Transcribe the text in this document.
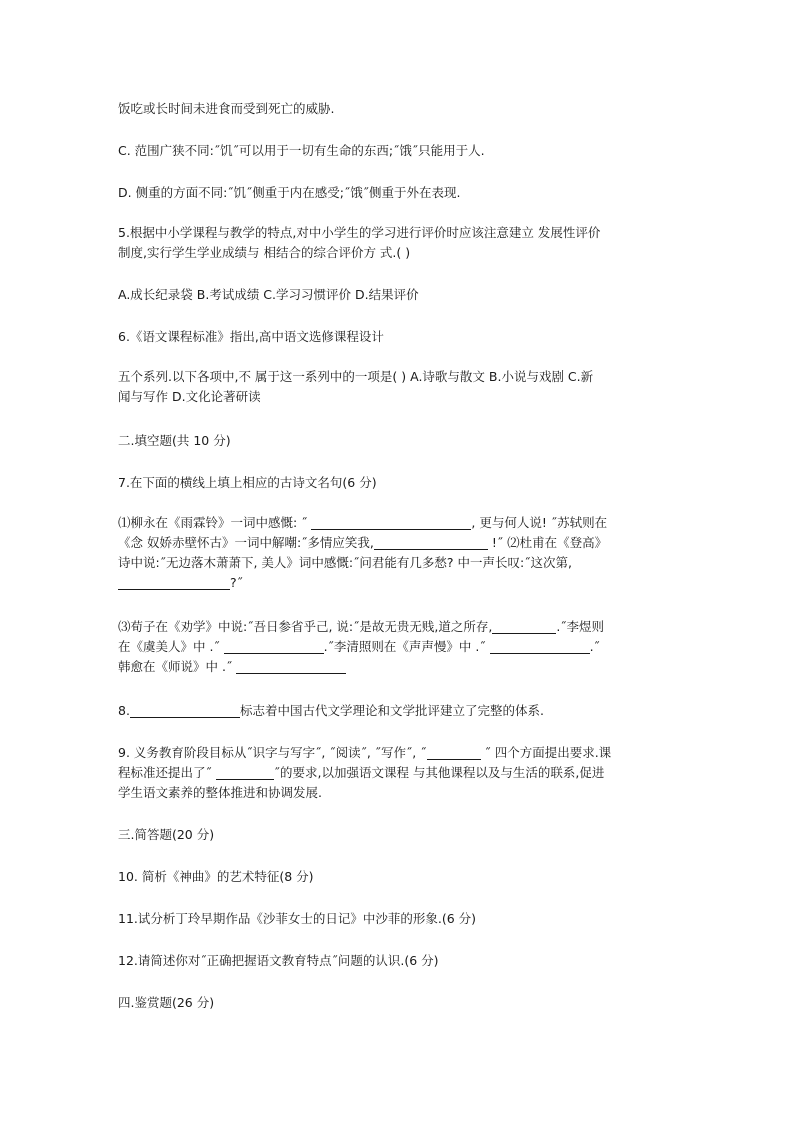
饭吃或长时间未进食而受到死亡的威胁.

C. 范围广狭不同:˝饥˝可以用于一切有生命的东西;˝饿˝只能用于人.

D. 侧重的方面不同:˝饥˝侧重于内在感受;˝饿˝侧重于外在表现.

5.根据中小学课程与教学的特点,对中小学生的学习进行评价时应该注意建立 发展性评价
制度,实行学生学业成绩与 相结合的综合评价方 式.( )

A.成长纪录袋 B.考试成绩 C.学习习惯评价 D.结果评价

6.《语文课程标准》指出,高中语文选修课程设计

五个系列.以下各项中,不 属于这一系列中的一项是( ) A.诗歌与散文 B.小说与戏剧 C.新
闻与写作 D.文化论著研读

二.填空题(共 10 分)

7.在下面的横线上填上相应的古诗文名句(6 分)

⑴柳永在《雨霖铃》一词中感慨: ˝	, 更与何人说! ˝苏轼则在
《念 奴娇赤壁怀古》一词中解嘲:˝多情应笑我,	!˝ ⑵杜甫在《登高》
诗中说:˝无边落木萧萧下, 美人》词中感慨:˝问君能有几多愁? 中一声长叹:˝这次第,
?˝
⑶荀子在《劝学》中说:˝吾日参省乎己, 说:˝是故无贵无贱,道之所存,	.˝李煜则
在《虞美人》中 .˝	.˝李清照则在《声声慢》中 .˝	.˝
韩愈在《师说》中 .˝

8.	标志着中国古代文学理论和文学批评建立了完整的体系.

9. 义务教育阶段目标从˝识字与写字˝, ˝阅读˝, ˝写作˝, ˝	˝ 四个方面提出要求.课
程标准还提出了˝	˝的要求,以加强语文课程 与其他课程以及与生活的联系,促进
学生语文素养的整体推进和协调发展.

三.简答题(20 分)

10. 简析《神曲》的艺术特征(8 分)

11.试分析丁玲早期作品《沙菲女士的日记》中沙菲的形象.(6 分)

12.请简述你对˝正确把握语文教育特点˝问题的认识.(6 分)

四.鉴赏题(26 分)
